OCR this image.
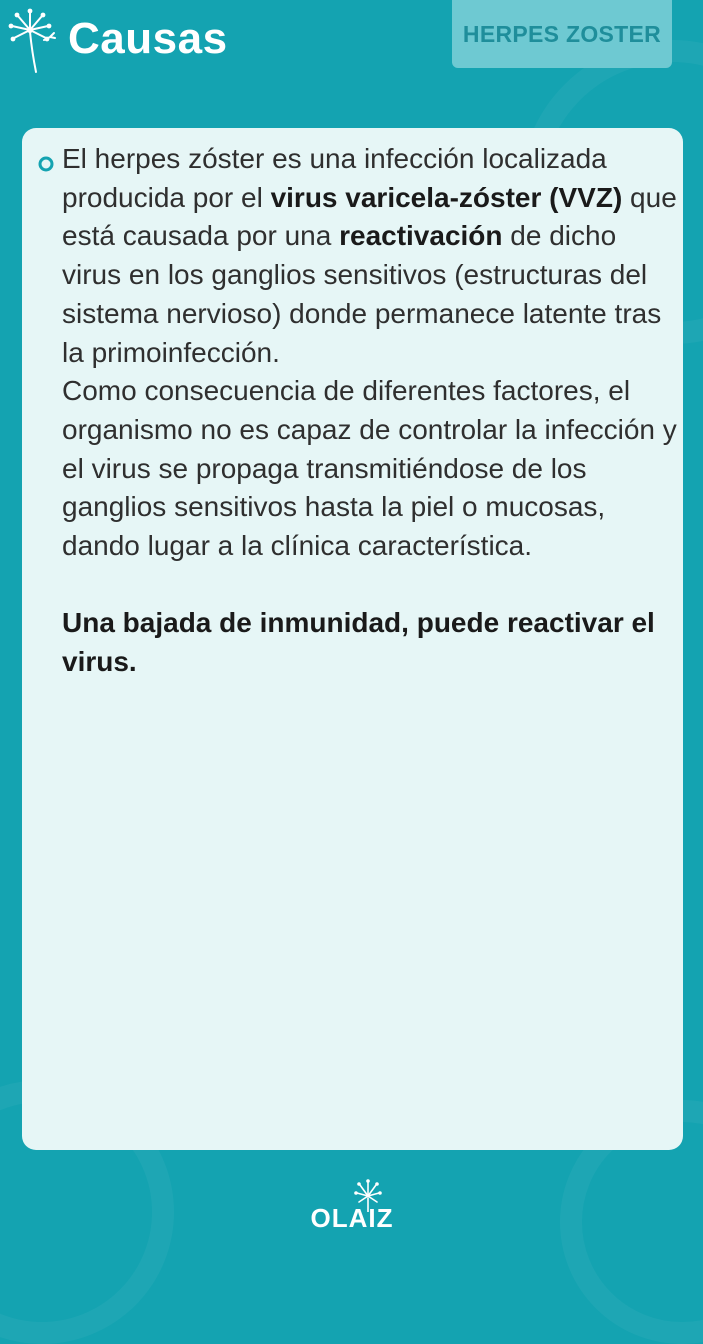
Causas	HERPES ZOSTER

El herpes zóster es una infección localizada producida por el virus varicela-zóster (VVZ) que está causada por una reactivación de dicho virus en los ganglios sensitivos (estructuras del sistema nervioso) donde permanece latente tras la primoinfección.

Como consecuencia de diferentes factores, el organismo no es capaz de controlar la infección y el virus se propaga transmitiéndose de los ganglios sensitivos hasta la piel o mucosas, dando lugar a la clínica característica.

Una bajada de inmunidad, puede reactivar el virus.

OLAIZ
